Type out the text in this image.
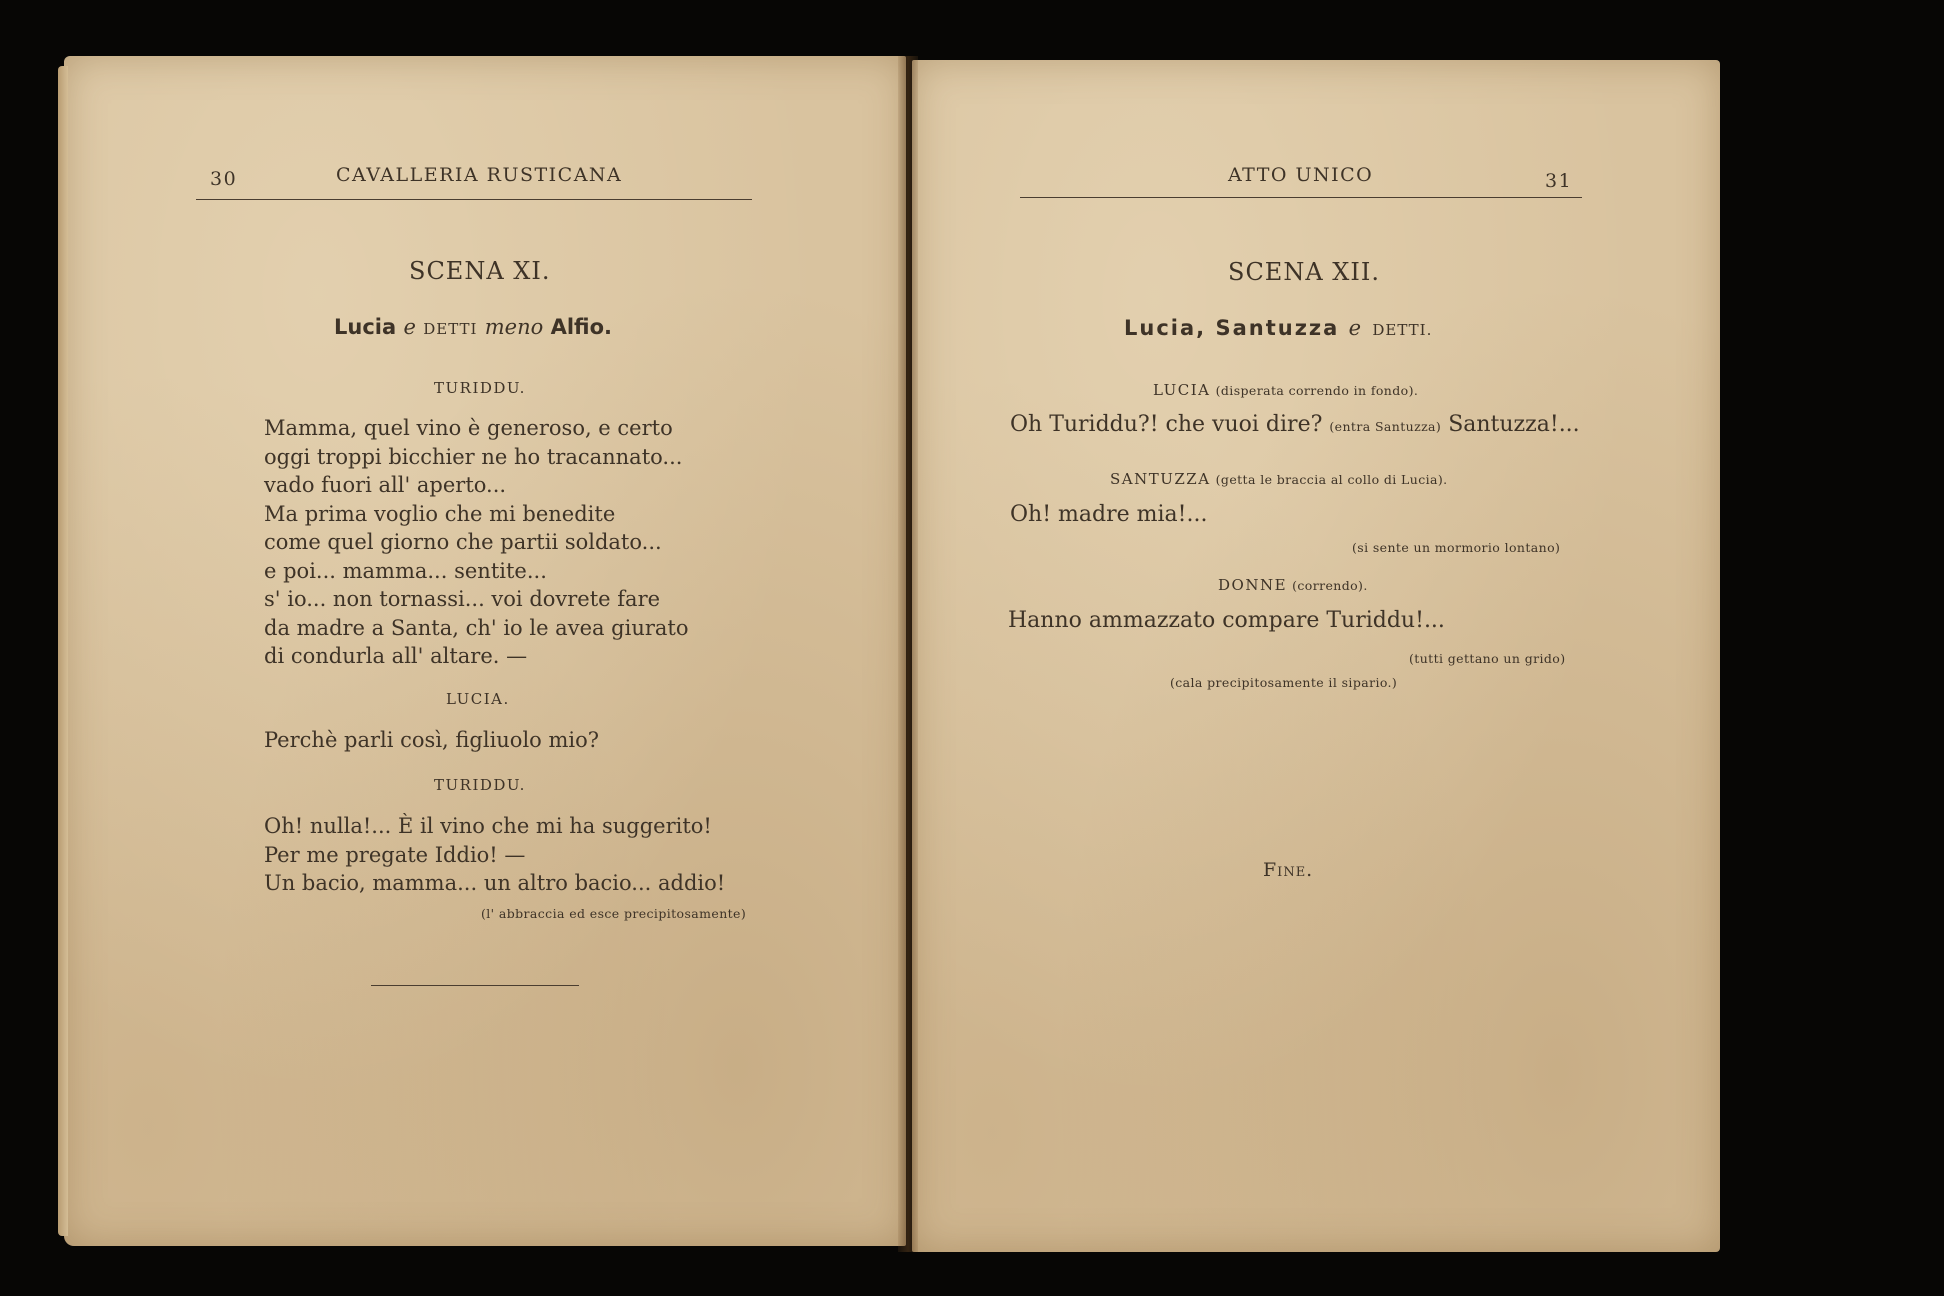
30	CAVALLERIA RUSTICANA
SCENA XI.
Lucia e DETTI meno Alfio.
TURIDDU.
Mamma, quel vino è generoso, e certo
oggi troppi bicchier ne ho tracannato...
vado fuori all' aperto...
Ma prima voglio che mi benedite
come quel giorno che partii soldato...
e poi... mamma... sentite...
s' io... non tornassi... voi dovrete fare
da madre a Santa, ch' io le avea giurato
di condurla all' altare. —
LUCIA.
Perchè parli così, figliuolo mio?
TURIDDU.
Oh! nulla!... È il vino che mi ha suggerito!
Per me pregate Iddio! —
Un bacio, mamma... un altro bacio... addio!
(l' abbraccia ed esce precipitosamente)
ATTO UNICO	31
SCENA XII.
Lucia, Santuzza e DETTI.
LUCIA (disperata correndo in fondo).
Oh Turiddu?! che vuoi dire? (entra Santuzza) Santuzza!...
SANTUZZA (getta le braccia al collo di Lucia).
Oh! madre mia!...
(si sente un mormorio lontano)
DONNE (correndo).
Hanno ammazzato compare Turiddu!...
(tutti gettano un grido)
(cala precipitosamente il sipario.)
Fine.
